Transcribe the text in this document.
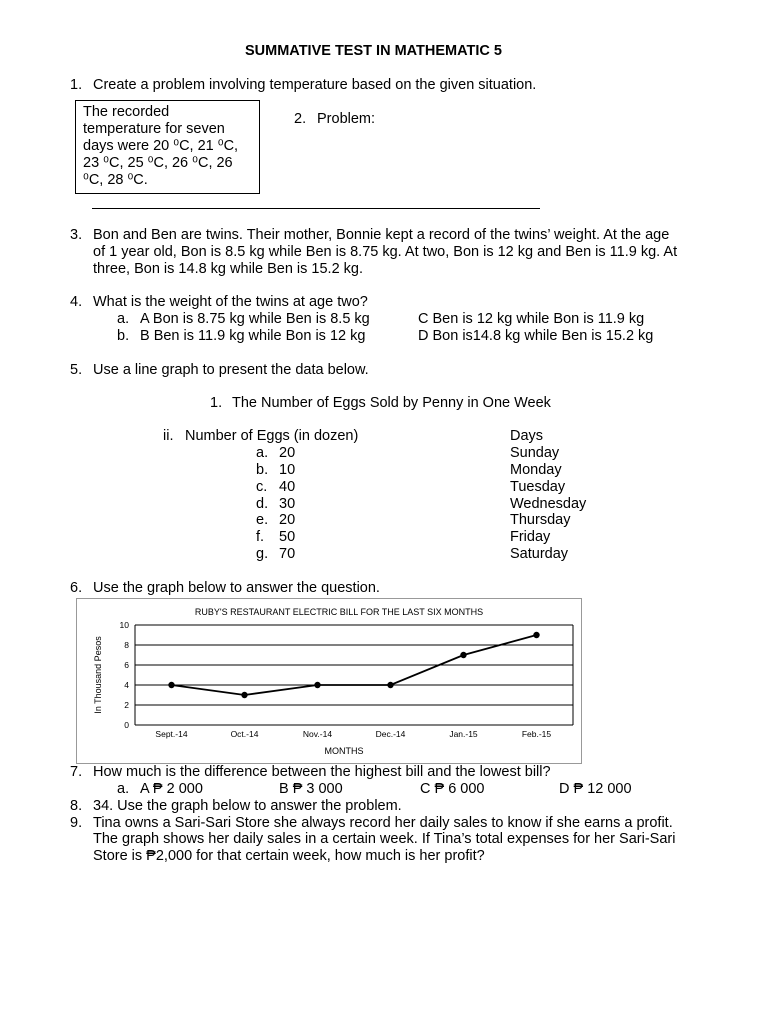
SUMMATIVE TEST IN MATHEMATIC 5
1. Create a problem involving temperature based on the given situation.
The recorded
temperature for seven
days were 20 ⁰C, 21 ⁰C,
23 ⁰C, 25 ⁰C, 26 ⁰C, 26
⁰C, 28 ⁰C.
2. Problem:
3. Bon and Ben are twins. Their mother, Bonnie kept a record of the twins’ weight. At the age
of 1 year old, Bon is 8.5 kg while Ben is 8.75 kg. At two, Bon is 12 kg and Ben is 11.9 kg. At
three, Bon is 14.8 kg while Ben is 15.2 kg.
4. What is the weight of the twins at age two?
a. A Bon is 8.75 kg while Ben is 8.5 kg
b. B Ben is 11.9 kg while Bon is 12 kg
C Ben is 12 kg while Bon is 11.9 kg
D Bon is14.8 kg while Ben is 15.2 kg
5. Use a line graph to present the data below.
1. The Number of Eggs Sold by Penny in One Week
ii. Number of Eggs (in dozen)	Days
a. 20	Sunday
b. 10	Monday
c. 40	Tuesday
d. 30	Wednesday
e. 20	Thursday
f. 50	Friday
g. 70	Saturday
6. Use the graph below to answer the question.
0
2
4
6
8
10
Sept.-14	Oct.-14	Nov.-14	Dec.-14	Jan.-15	Feb.-15
RUBY'S RESTAURANT ELECTRIC BILL FOR THE LAST SIX MONTHS
MONTHS
In Thousand Pesos
7. How much is the difference between the highest bill and the lowest bill?
a. A ₱ 2 000	B ₱ 3 000	C ₱ 6 000	D ₱ 12 000
8. 34. Use the graph below to answer the problem.
9. Tina owns a Sari-Sari Store she always record her daily sales to know if she earns a profit.
The graph shows her daily sales in a certain week. If Tina’s total expenses for her Sari-Sari
Store is ₱2,000 for that certain week, how much is her profit?
